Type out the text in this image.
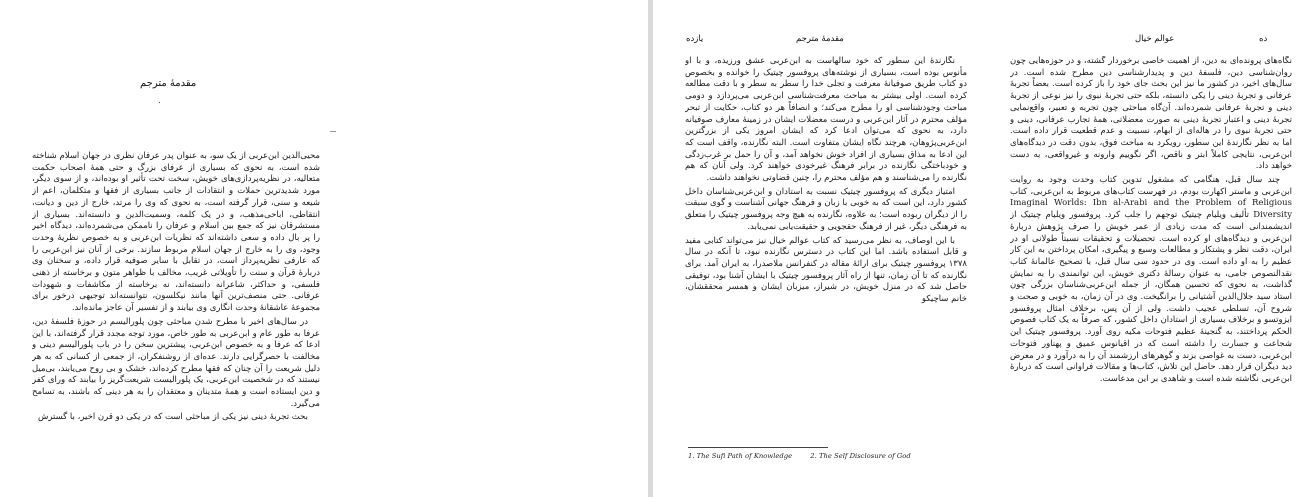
مقدمهٔ مترجم
.

محیی‌الدین ابن‌عربی از یک سو، به عنوان پدر عرفان نظری در جهان اسلام شناخته شده است، به نحوی که بسیاری از عرفای بزرگ و حتی همهٔ اصحاب حکمت متعالیه، در نظریه‌پردازی‌های خویش، سخت تحت تأثیر او بوده‌اند، و از سوی دیگر، مورد شدیدترین حملات و انتقادات از جانب بسیاری از فقها و متکلمان، اعم از شیعه و سنی، قرار گرفته است، به نحوی که وی را مرتد، خارج از دین و دیانت، انتقاطی، اباحی‌مذهب، و در یک کلمه، وسمیت‌الدین و دانسته‌اند. بسیاری از مستشرقان نیز که جمع بین اسلام و عرفان را ناممکن می‌شمرده‌اند، دیدگاه اخیر را پر بال داده و سعی داشته‌اند که نظریات ابن‌عربی و به خصوص نظریهٔ وحدت وجود، وی را به خارج از جهان اسلام مربوط سازند. برخی از آنان نیز ابن‌عربی را که عارفی نظریه‌پرداز است، در تقابل با سایر صوفیه قرار داده، و سخنان وی دربارهٔ قرآن و سنت را تأویلاتی غریب، مخالف با ظواهر متون و برخاسته از ذهنی فلسفی، و حداکثر، شاعرانه دانسته‌اند، نه برخاسته از مکاشفات و شهودات عرفانی. حتی منصف‌ترین آنها مانند نیکلسون، نتوانسته‌اند توجیهی درخور برای مجموعهٔ عاشقانهٔ وحدت انگاری وی بیابند و از تفسیر آن عاجز مانده‌اند.

در سال‌های اخیر با مطرح شدن مباحثی چون پلورالیسم در حوزهٔ فلسفهٔ دین، عرفا به طور عام و ابن‌عربی به طور خاص، مورد توجه مجدد قرار گرفته‌اند، با این ادعا که عرفا و به خصوص ابن‌عربی، پیشترین سخن را در باب پلورالیسم دینی و مخالفت با حصرگرایی دارند. عده‌ای از روشنفکران، از جمعی از کسانی که به هر دلیل شریعت را آن چنان که فقها مطرح کرده‌اند، خشک و بی روح می‌یابند، بی‌میل نیستند که در شخصیت ابن‌عربی، یک پلورالیست شریعت‌گریز را بیابند که ورای کفر و دین ایستاده است و همهٔ متدینان و معتقدان را به هر دینی که باشند، به تسامح می‌گیرد.

بحث تجربهٔ دینی نیز یکی از مباحثی است که در یکی دو قرن اخیر، با گسترش

یازده	مقدمهٔ مترجم

نگارندهٔ این سطور که خود سالهاست به ابن‌عربی عشق ورزیده، و با او مأنوس بوده است، بسیاری از نوشته‌های پروفسور چیتیک را خوانده و بخصوص دو کتاب طریق صوفیانهٔ معرفت و تجلی خدا را سطر به سطر و با دقت مطالعه کرده است. اولی بیشتر به مباحث معرفت‌شناسی ابن‌عربی می‌پردازد و دومی مباحث وجودشناسی او را مطرح می‌کند؛ و انصافاً هر دو کتاب، حکایت از تبحر مؤلف محترم در آثار ابن‌عربی و درست معضلات ایشان در زمینهٔ معارف صوفیانه دارد، به نحوی که می‌توان ادعا کرد که ایشان امروز یکی از بزرگترین ابن‌عربی‌پژوهان، هرچند نگاه ایشان متفاوت است. البته نگارنده، واقف است که این ادعا به مذاق بسیاری از افراد خوش نخواهد آمد، و آن را حمل بر غرب‌زدگی و خودباختگی نگارنده در برابر فرهنگ غیرخودی خواهند کرد. ولی آنان که هم نگارنده را می‌شناسند و هم مؤلف محترم را، چنین قضاوتی نخواهند داشت.

امتیاز دیگری که پروفسور چیتیک نسبت به استادان و ابن‌عربی‌شناسان داخل کشور دارد، این است که به خوبی با زبان و فرهنگ جهانی آشناست و گوی سبقت را از دیگران ربوده است؛ به علاوه، نگارنده به هیچ وجه پروفسور چیتیک را متعلق به فرهنگی دیگر، غیر از فرهنگ حقجویی و حقیقت‌یابی نمی‌یابد.

با این اوصاف، به نظر می‌رسید که کتاب عوالم خیال نیز می‌تواند کتابی مفید و قابل استفاده باشد. اما این کتاب در دسترس نگارنده نبود، تا آنکه در سال ۱۳۷۸ پروفسور چیتیک برای ارائهٔ مقاله در کنفرانس ملاصدرا، به ایران آمد. برای نگارنده که تا آن زمان، تنها از راه آثار پروفسور چیتیک با ایشان آشنا بود، توفیقی حاصل شد که در منزل خویش، در شیراز، میزبان ایشان و همسر محققشان، خانم ساچیکو

1. The Sufi Path of Knowledge	2. The Self Disclosure of God
عوالم خیال	ده

نگاه‌های پرونده‌ای به دین، از اهمیت خاصی برخوردار گشته، و در حوزه‌هایی چون روان‌شناسی دین، فلسفهٔ دین و پدیدارشناسی دین مطرح شده است. در سال‌های اخیر، در کشور ما نیز این بحث جای خود را باز کرده است. بعضاً تجربهٔ عرفانی و تجربهٔ دینی را یکی دانسته، بلکه حتی تجربهٔ نبوی را نیز نوعی از تجربهٔ دینی و تجربهٔ عرفانی شمرده‌اند. آن‌گاه مباحثی چون تجربه و تعبیر، واقع‌نمایی تجربهٔ دینی و اعتبار تجربهٔ دینی به صورت معضلاتی، همهٔ تجارب عرفانی، دینی و حتی تجربهٔ نبوی را در هاله‌ای از ابهام، نسبیت و عدم قطعیت قرار داده است. اما به نظر نگارندهٔ این سطور، رویکرد به مباحث فوق، بدون دقت در دیدگاه‌های ابن‌عربی، نتایجی کاملاً ابتر و ناقص، اگر نگوییم وارونه و غیرواقعی، به دست خواهد داد.

چند سال قبل، هنگامی که مشغول تدوین کتاب وحدت وجود به روایت ابن‌عربی و ماستر اکهارت بودم، در فهرست کتاب‌های مربوط به ابن‌عربی، کتاب Imaginal Worlds: Ibn al-Arabi and the Problem of Religious Diversity تألیف ویلیام چیتیک توجهم را جلب کرد. پروفسور ویلیام چیتیک از اندیشمندانی است که مدت زیادی از عمر خویش را صرف پژوهش دربارهٔ ابن‌عربی و دیدگاه‌های او کرده است. تحصیلات و تحقیقات نسبتاً طولانی او در ایران، دقت نظر و پشتکار و مطالعات وسیع و پیگیری، امکان پرداختن به این کار عظیم را به او داده است. وی در حدود سی سال قبل، با تصحیح عالمانهٔ کتاب نقدالنصوص جامی، به عنوان رسالهٔ دکتری خویش، این توانمندی را به نمایش گذاشت، به نحوی که تحسین همگان، از جمله ابن‌عربی‌شناسان بزرگی چون استاد سید جلال‌الدین آشتیانی را برانگیخت. وی در آن زمان، به خوبی و صحت و شروح آن، تسلطی عجیب داشت. ولی از آن پس، برخلاف امثال پروفسور ایزوتسو و برخلاف بسیاری از استادان داخل کشور، که صرفاً به یک کتاب فصوص الحکم پرداختند، به گنجینهٔ عظیم فتوحات مکیه روی آورد. پروفسور چیتیک این شجاعت و جسارت را داشته است که در اقیانوس عمیق و پهناور فتوحات ابن‌عربی، دست به غواصی بزند و گوهرهای ارزشمند آن را به درآورد و در معرض دید دیگران قرار دهد. حاصل این تلاش، کتاب‌ها و مقالات فراوانی است که دربارهٔ ابن‌عربی نگاشته شده است و شاهدی بر این مدعاست.
